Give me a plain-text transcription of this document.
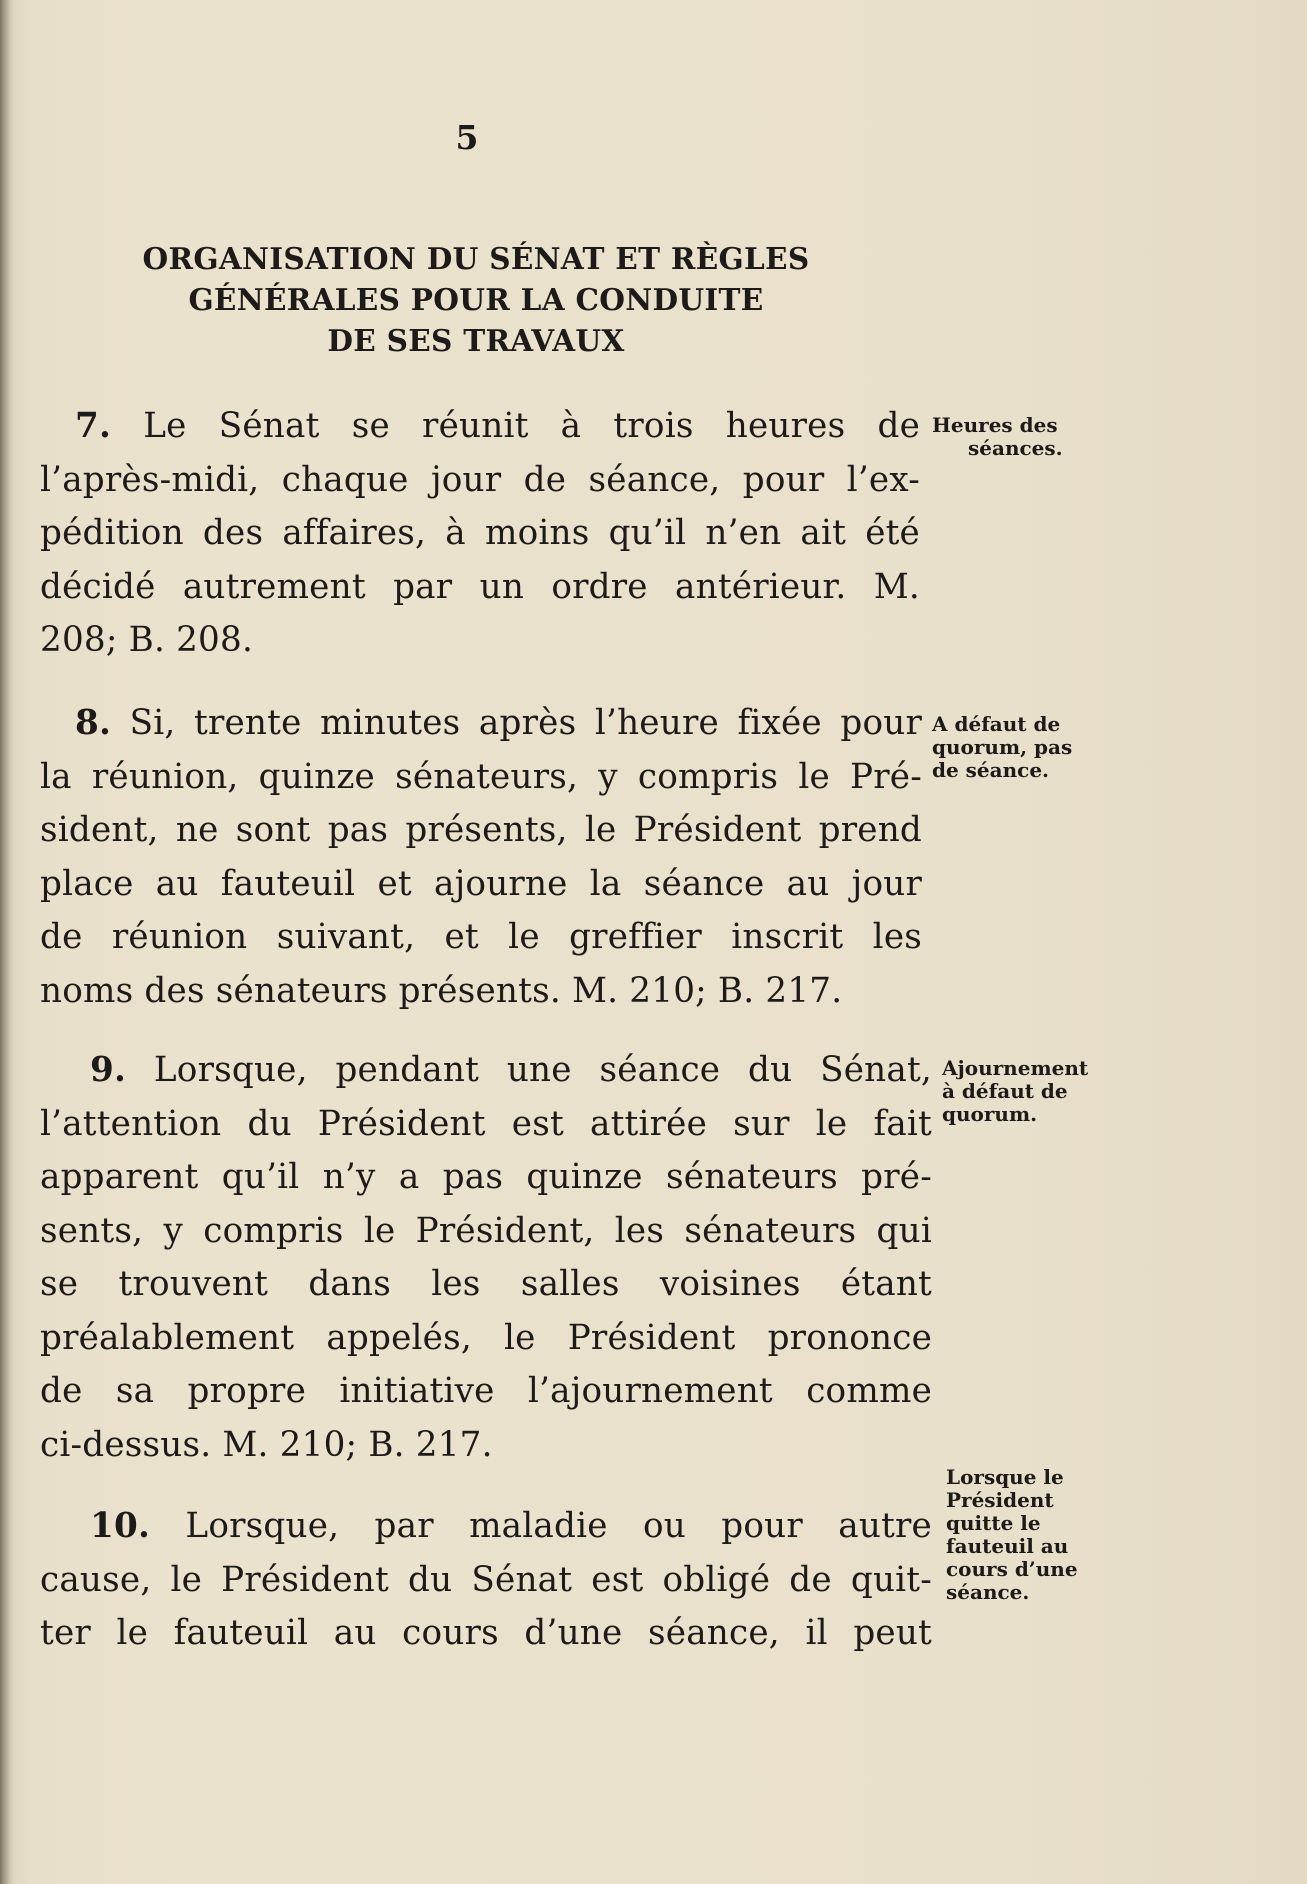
5
ORGANISATION DU SÉNAT ET RÈGLES
GÉNÉRALES POUR LA CONDUITE
DE SES TRAVAUX
7. Le Sénat se réunit à trois heures de
l’après-midi, chaque jour de séance, pour l’ex-
pédition des affaires, à moins qu’il n’en ait été
décidé autrement par un ordre antérieur. M.
208; B. 208.
Heures des
séances.
8. Si, trente minutes après l’heure fixée pour
la réunion, quinze sénateurs, y compris le Pré-
sident, ne sont pas présents, le Président prend
place au fauteuil et ajourne la séance au jour
de réunion suivant, et le greffier inscrit les
noms des sénateurs présents. M. 210; B. 217.
A défaut de
quorum, pas
de séance.
9. Lorsque, pendant une séance du Sénat,
l’attention du Président est attirée sur le fait
apparent qu’il n’y a pas quinze sénateurs pré-
sents, y compris le Président, les sénateurs qui
se trouvent dans les salles voisines étant
préalablement appelés, le Président prononce
de sa propre initiative l’ajournement comme
ci-dessus. M. 210; B. 217.
Ajournement
à défaut de
quorum.
10. Lorsque, par maladie ou pour autre
cause, le Président du Sénat est obligé de quit-
ter le fauteuil au cours d’une séance, il peut
Lorsque le
Président
quitte le
fauteuil au
cours d’une
séance.
